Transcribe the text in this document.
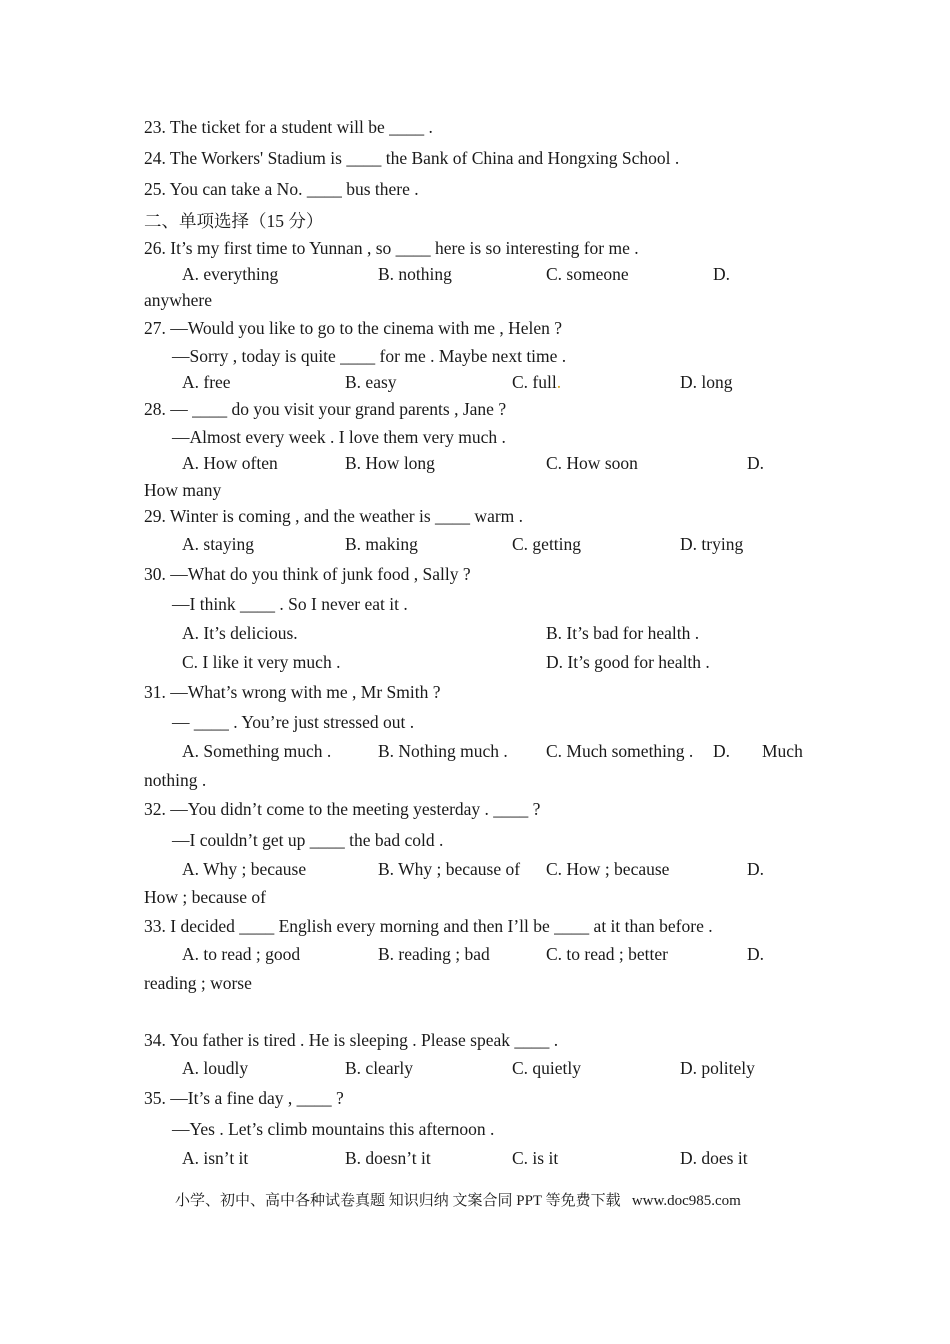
23. The ticket for a student will be ____ .
24. The Workers' Stadium is ____ the Bank of China and Hongxing School .
25. You can take a No. ____ bus there .
二、单项选择（15 分）
26. It’s my first time to Yunnan , so ____ here is so interesting for me .
A. everything	B. nothing	C. someone	D.
anywhere
27. —Would you like to go to the cinema with me , Helen ?
—Sorry , today is quite ____ for me . Maybe next time .
A. free	B. easy	C. full.	D. long
28. — ____ do you visit your grand parents , Jane ?
—Almost every week . I love them very much .
A. How often	B. How long	C. How soon	D.
How many
29. Winter is coming , and the weather is ____ warm .
A. staying	B. making	C. getting	D. trying
30. —What do you think of junk food , Sally ?
—I think ____ . So I never eat it .
A. It’s delicious.	B. It’s bad for health .
C. I like it very much .	D. It’s good for health .
31. —What’s wrong with me , Mr Smith ?
— ____ . You’re just stressed out .
A. Something much .	B. Nothing much . C. Much something . D. Much
nothing .
32. —You didn’t come to the meeting yesterday . ____ ?
—I couldn’t get up ____ the bad cold .
A. Why ; because	B. Why ; because of C. How ; because	D.
How ; because of
33. I decided ____ English every morning and then I’ll be ____ at it than before .
A. to read ; good	B. reading ; bad	C. to read ; better	D.
reading ; worse
34. You father is tired . He is sleeping . Please speak ____ .
A. loudly	B. clearly	C. quietly	D. politely
35. —It’s a fine day , ____ ?
—Yes . Let’s climb mountains this afternoon .
A. isn’t it	B. doesn’t it	C. is it	D. does it
小学、初中、高中各种试卷真题 知识归纳 文案合同 PPT 等免费下载   www.doc985.com
